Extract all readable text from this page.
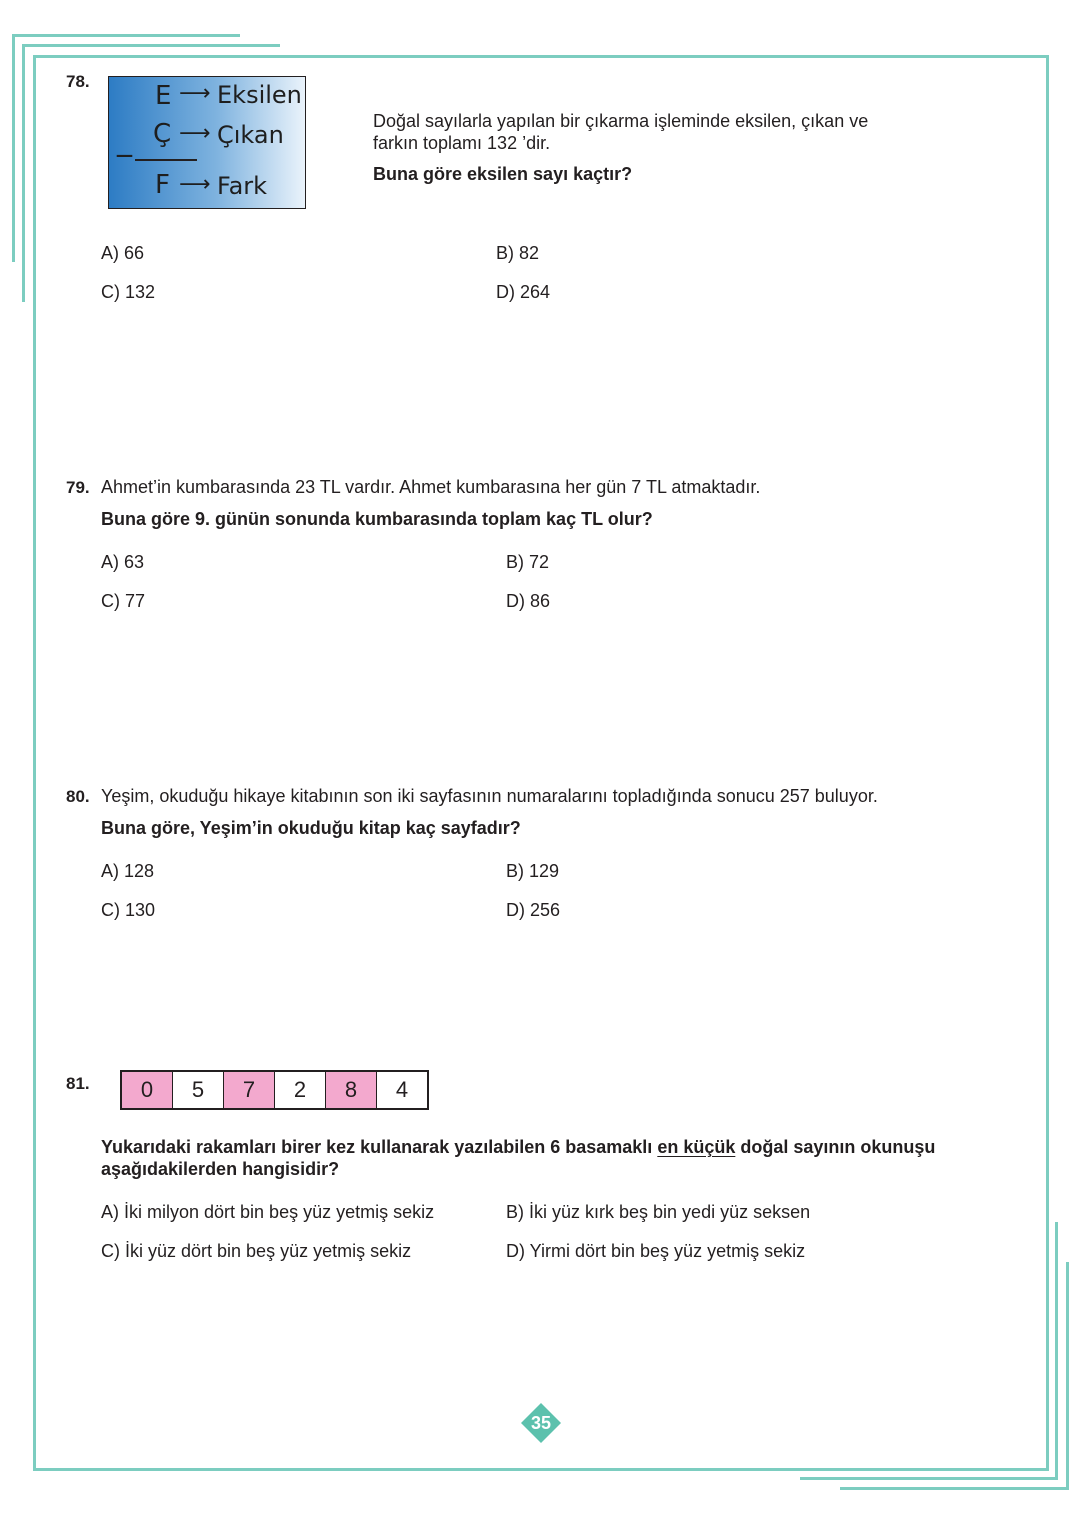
78.	E ⟶ Eksilen
_ Ç ⟶ Çıkan
F ⟶ Fark
Doğal sayılarla yapılan bir çıkarma işleminde eksilen, çıkan ve farkın toplamı 132 ’dir.
Buna göre eksilen sayı kaçtır?
A) 66	B) 82
C) 132	D) 264
79. Ahmet’in kumbarasında 23 TL vardır. Ahmet kumbarasına her gün 7 TL atmaktadır.
Buna göre 9. günün sonunda kumbarasında toplam kaç TL olur?
A) 63	B) 72
C) 77	D) 86
80. Yeşim, okuduğu hikaye kitabının son iki sayfasının numaralarını topladığında sonucu 257 buluyor.
Buna göre, Yeşim’in okuduğu kitap kaç sayfadır?
A) 128	B) 129
C) 130	D) 256
81.	0	5	7	2	8	4
Yukarıdaki rakamları birer kez kullanarak yazılabilen 6 basamaklı en küçük doğal sayının okunuşu aşağıdakilerden hangisidir?
A) İki milyon dört bin beş yüz yetmiş sekiz	B) İki yüz kırk beş bin yedi yüz seksen
C) İki yüz dört bin beş yüz yetmiş sekiz	D) Yirmi dört bin beş yüz yetmiş sekiz
35
